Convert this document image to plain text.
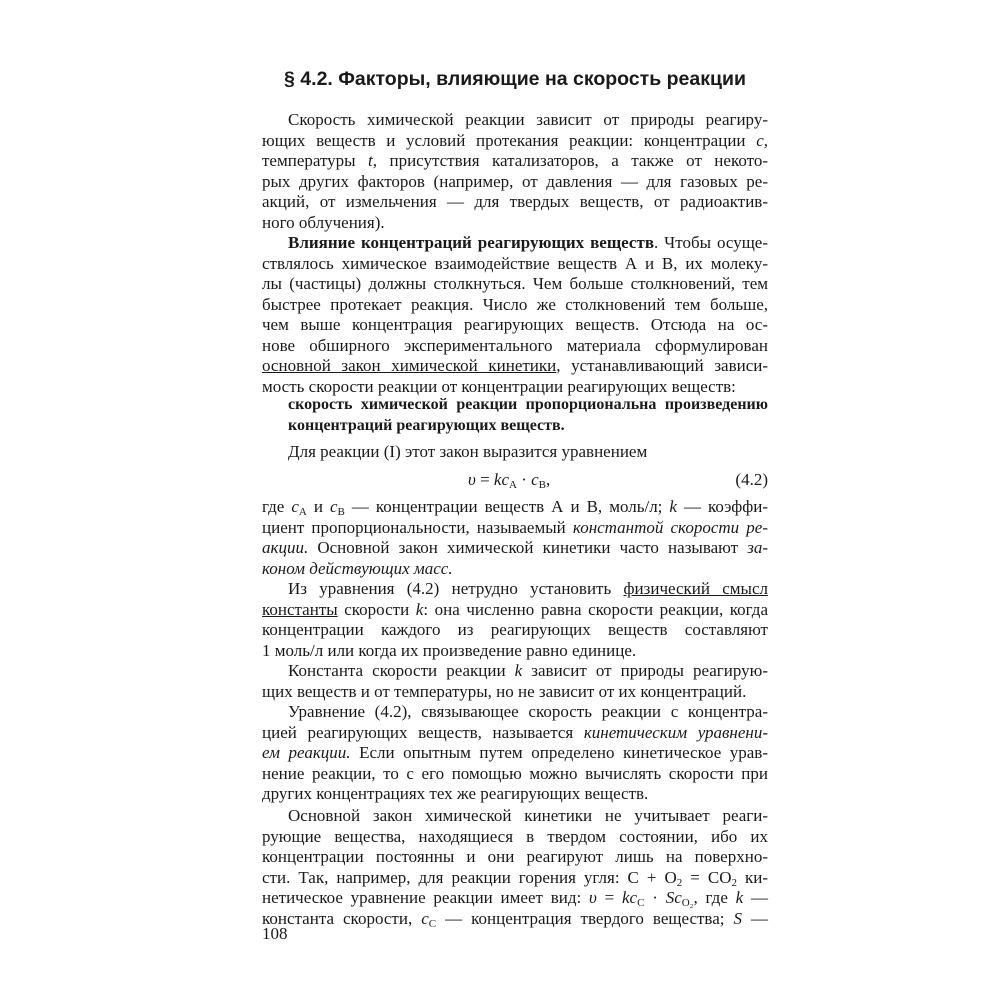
§ 4.2. Факторы, влияющие на скорость реакции
Скорость химической реакции зависит от природы реагиру-
ющих веществ и условий протекания реакции: концентрации c,
температуры t, присутствия катализаторов, а также от некото-
рых других факторов (например, от давления — для газовых ре-
акций, от измельчения — для твердых веществ, от радиоактив-
ного облучения).
Влияние концентраций реагирующих веществ. Чтобы осуще-
ствлялось химическое взаимодействие веществ А и В, их молеку-
лы (частицы) должны столкнуться. Чем больше столкновений, тем
быстрее протекает реакция. Число же столкновений тем больше,
чем выше концентрация реагирующих веществ. Отсюда на ос-
нове обширного экспериментального материала сформулирован
основной закон химической кинетики, устанавливающий зависи-
мость скорости реакции от концентрации реагирующих веществ:
скорость химической реакции пропорциональна произведению
концентраций реагирующих веществ.
Для реакции (I) этот закон выразится уравнением
$\upsilon = kc_A \cdot c_B$,	(4.2)
где $c_A$ и $c_B$ — концентрации веществ А и В, моль/л; k — коэффи-
циент пропорциональности, называемый константой скорости ре-
акции. Основной закон химической кинетики часто называют за-
коном действующих масс.
Из уравнения (4.2) нетрудно установить физический смысл
константы скорости k: она численно равна скорости реакции, когда
концентрации каждого из реагирующих веществ составляют
1 моль/л или когда их произведение равно единице.
Константа скорости реакции k зависит от природы реагирую-
щих веществ и от температуры, но не зависит от их концентраций.
Уравнение (4.2), связывающее скорость реакции с концентра-
цией реагирующих веществ, называется кинетическим уравнени-
ем реакции. Если опытным путем определено кинетическое урав-
нение реакции, то с его помощью можно вычислять скорости при
других концентрациях тех же реагирующих веществ.
Основной закон химической кинетики не учитывает реаги-
рующие вещества, находящиеся в твердом состоянии, ибо их
концентрации постоянны и они реагируют лишь на поверхно-
сти. Так, например, для реакции горения угля: $C + O_2 = CO_2$ ки-
нетическое уравнение реакции имеет вид: $\upsilon = kc_C \cdot Sc_{O_2}$, где k —
константа скорости, $c_C$ — концентрация твердого вещества; S —
108
